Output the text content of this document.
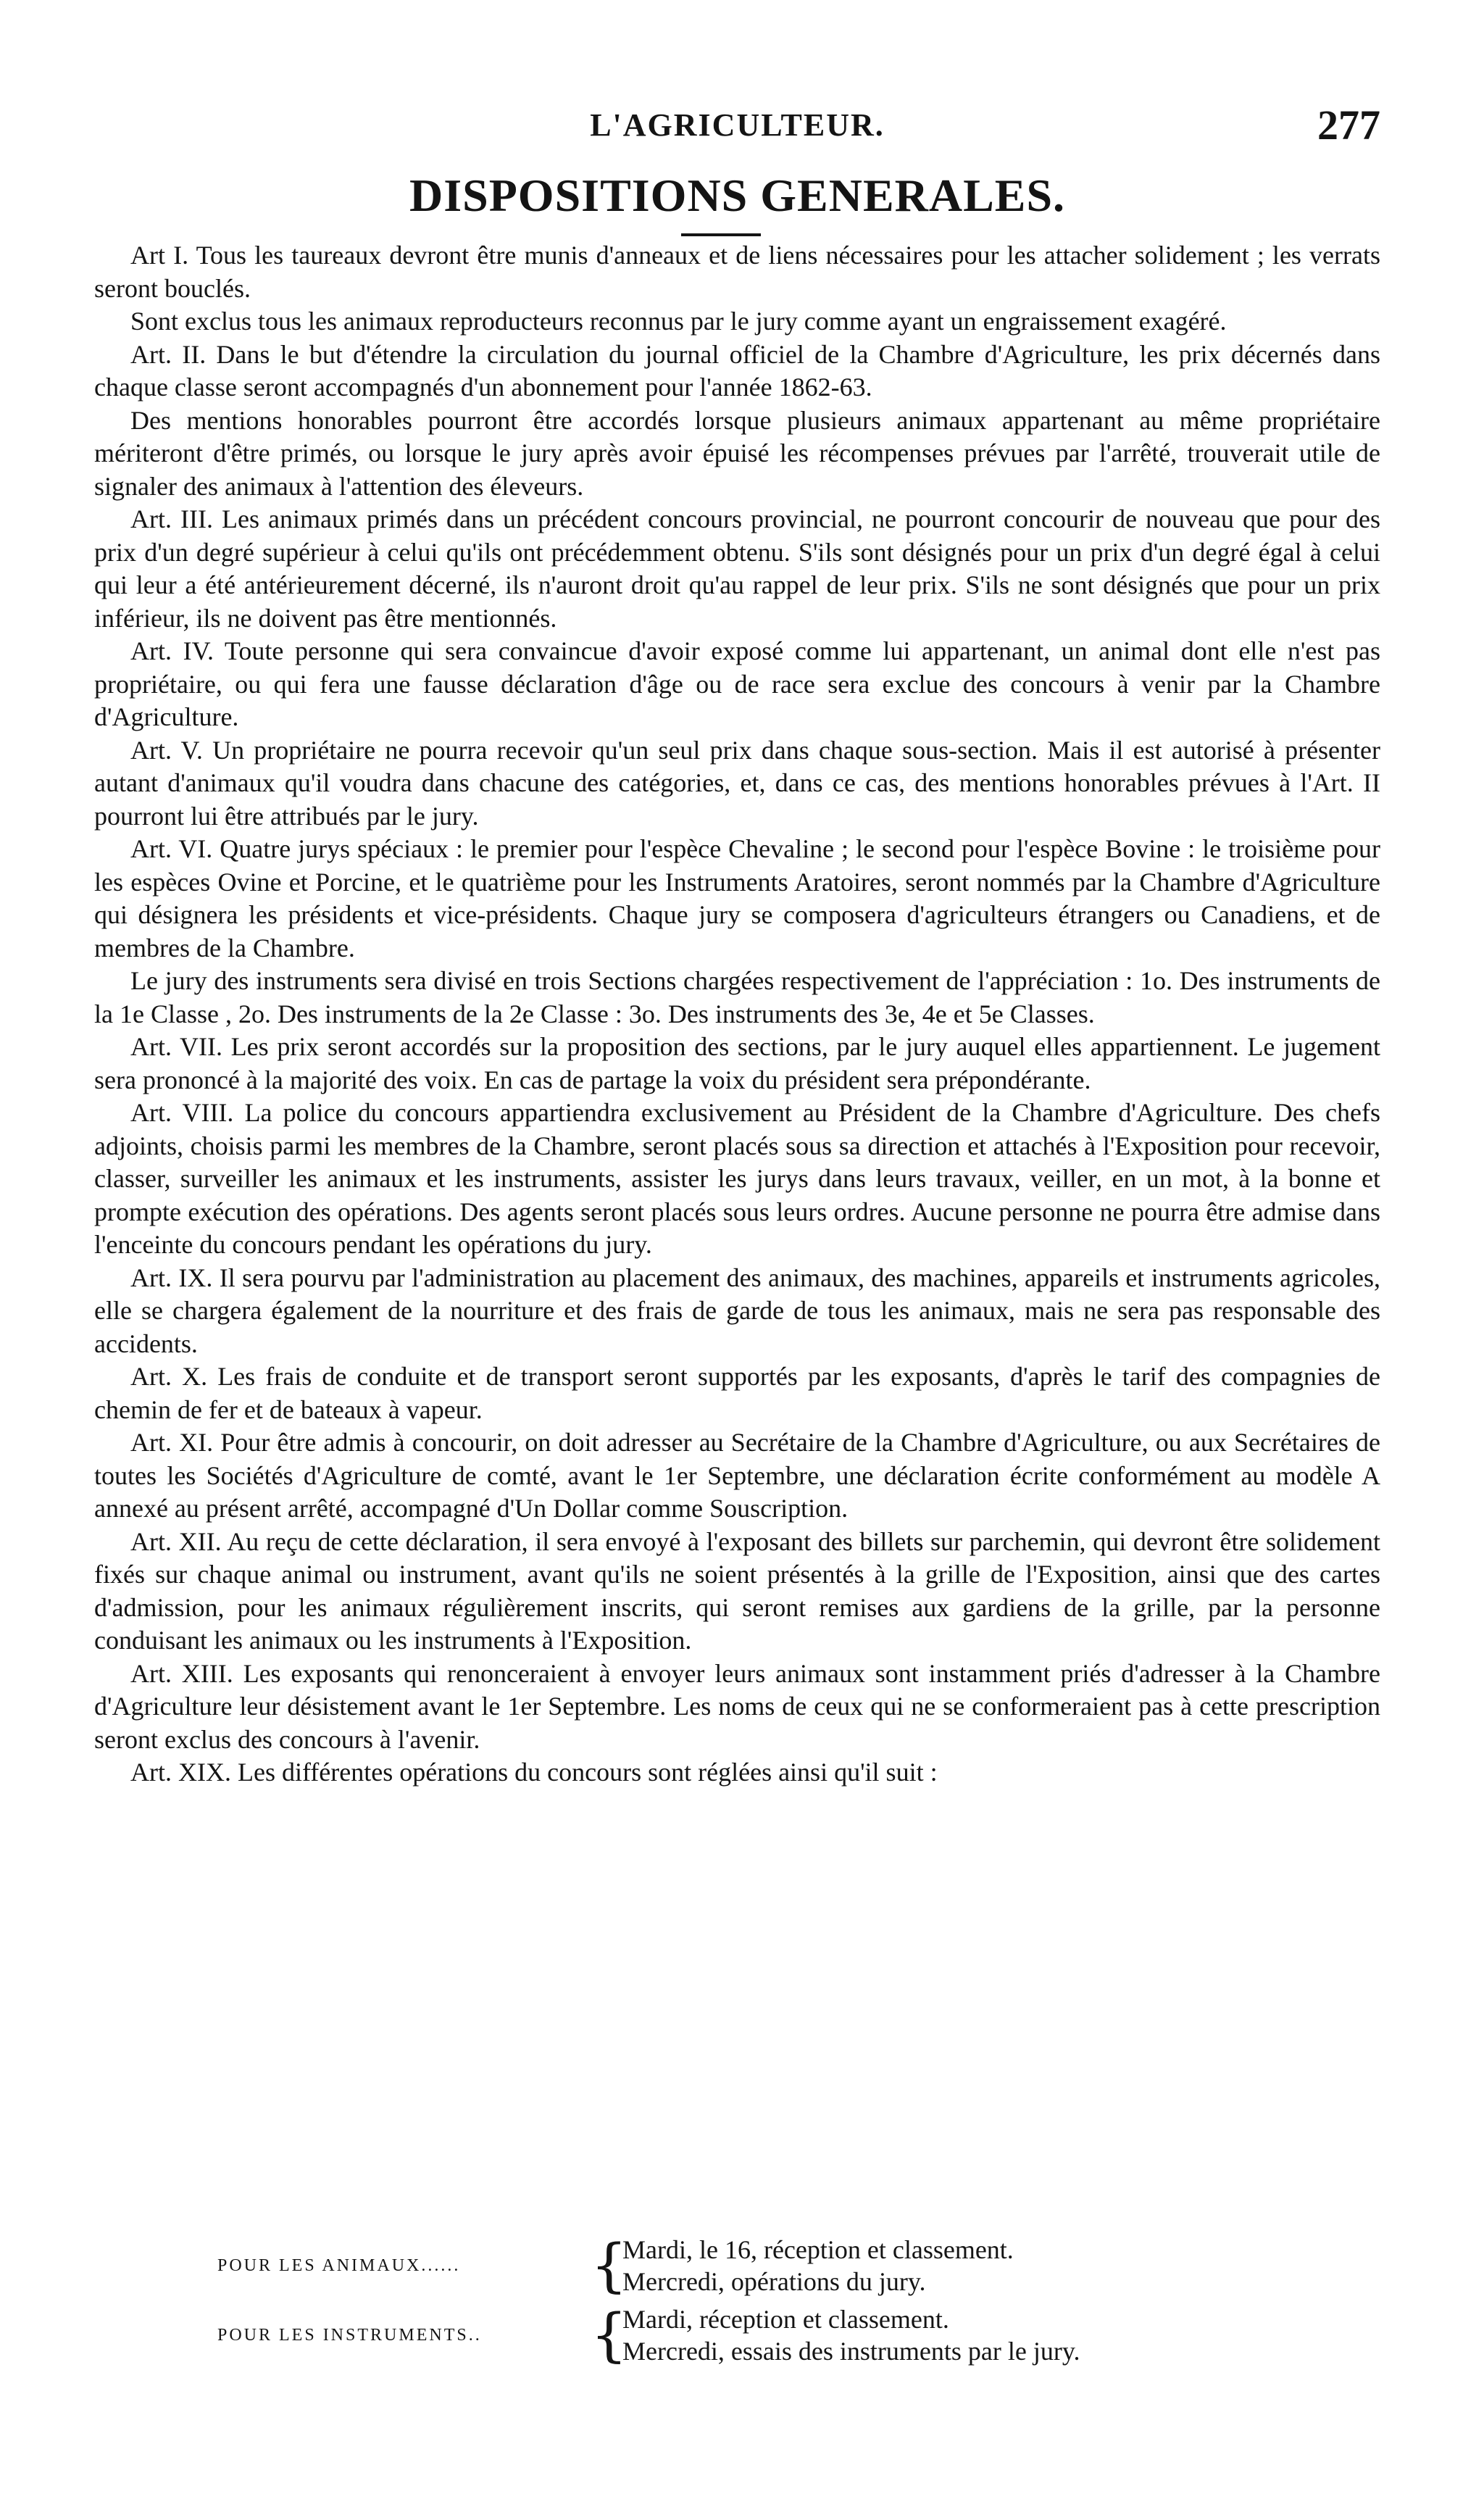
L'AGRICULTEUR.	277
DISPOSITIONS GENERALES.

Art I. Tous les taureaux devront être munis d'anneaux et de liens nécessaires pour les attacher solidement ; les verrats seront bouclés.

Sont exclus tous les animaux reproducteurs reconnus par le jury comme ayant un engraissement exagéré.

Art. II. Dans le but d'étendre la circulation du journal officiel de la Chambre d'Agriculture, les prix décernés dans chaque classe seront accompagnés d'un abonnement pour l'année 1862-63.

Des mentions honorables pourront être accordés lorsque plusieurs animaux appartenant au même propriétaire mériteront d'être primés, ou lorsque le jury après avoir épuisé les récompenses prévues par l'arrêté, trouverait utile de signaler des animaux à l'attention des éleveurs.

Art. III. Les animaux primés dans un précédent concours provincial, ne pourront concourir de nouveau que pour des prix d'un degré supérieur à celui qu'ils ont précédemment obtenu. S'ils sont désignés pour un prix d'un degré égal à celui qui leur a été antérieurement décerné, ils n'auront droit qu'au rappel de leur prix. S'ils ne sont désignés que pour un prix inférieur, ils ne doivent pas être mentionnés.

Art. IV. Toute personne qui sera convaincue d'avoir exposé comme lui appartenant, un animal dont elle n'est pas propriétaire, ou qui fera une fausse déclaration d'âge ou de race sera exclue des concours à venir par la Chambre d'Agriculture.

Art. V. Un propriétaire ne pourra recevoir qu'un seul prix dans chaque sous-section. Mais il est autorisé à présenter autant d'animaux qu'il voudra dans chacune des catégories, et, dans ce cas, des mentions honorables prévues à l'Art. II pourront lui être attribués par le jury.

Art. VI. Quatre jurys spéciaux : le premier pour l'espèce Chevaline ; le second pour l'espèce Bovine : le troisième pour les espèces Ovine et Porcine, et le quatrième pour les Instruments Aratoires, seront nommés par la Chambre d'Agriculture qui désignera les présidents et vice-présidents. Chaque jury se composera d'agriculteurs étrangers ou Canadiens, et de membres de la Chambre.

Le jury des instruments sera divisé en trois Sections chargées respectivement de l'appréciation : 1o. Des instruments de la 1e Classe , 2o. Des instruments de la 2e Classe : 3o. Des instruments des 3e, 4e et 5e Classes.

Art. VII. Les prix seront accordés sur la proposition des sections, par le jury auquel elles appartiennent. Le jugement sera prononcé à la majorité des voix. En cas de partage la voix du président sera prépondérante.

Art. VIII. La police du concours appartiendra exclusivement au Président de la Chambre d'Agriculture. Des chefs adjoints, choisis parmi les membres de la Chambre, seront placés sous sa direction et attachés à l'Exposition pour recevoir, classer, surveiller les animaux et les instruments, assister les jurys dans leurs travaux, veiller, en un mot, à la bonne et prompte exécution des opérations. Des agents seront placés sous leurs ordres. Aucune personne ne pourra être admise dans l'enceinte du concours pendant les opérations du jury.

Art. IX. Il sera pourvu par l'administration au placement des animaux, des machines, appareils et instruments agricoles, elle se chargera également de la nourriture et des frais de garde de tous les animaux, mais ne sera pas responsable des accidents.

Art. X. Les frais de conduite et de transport seront supportés par les exposants, d'après le tarif des compagnies de chemin de fer et de bateaux à vapeur.

Art. XI. Pour être admis à concourir, on doit adresser au Secrétaire de la Chambre d'Agriculture, ou aux Secrétaires de toutes les Sociétés d'Agriculture de comté, avant le 1er Septembre, une déclaration écrite conformément au modèle A annexé au présent arrêté, accompagné d'Un Dollar comme Souscription.

Art. XII. Au reçu de cette déclaration, il sera envoyé à l'exposant des billets sur parchemin, qui devront être solidement fixés sur chaque animal ou instrument, avant qu'ils ne soient présentés à la grille de l'Exposition, ainsi que des cartes d'admission, pour les animaux régulièrement inscrits, qui seront remises aux gardiens de la grille, par la personne conduisant les animaux ou les instruments à l'Exposition.

Art. XIII. Les exposants qui renonceraient à envoyer leurs animaux sont instamment priés d'adresser à la Chambre d'Agriculture leur désistement avant le 1er Septembre. Les noms de ceux qui ne se conformeraient pas à cette prescription seront exclus des concours à l'avenir.

Art. XIX. Les différentes opérations du concours sont réglées ainsi qu'il suit :

POUR LES ANIMAUX......	{
Mardi, le 16, réception et classement.
Mercredi, opérations du jury.
POUR LES INSTRUMENTS..	{
Mardi, réception et classement.
Mercredi, essais des instruments par le jury.
